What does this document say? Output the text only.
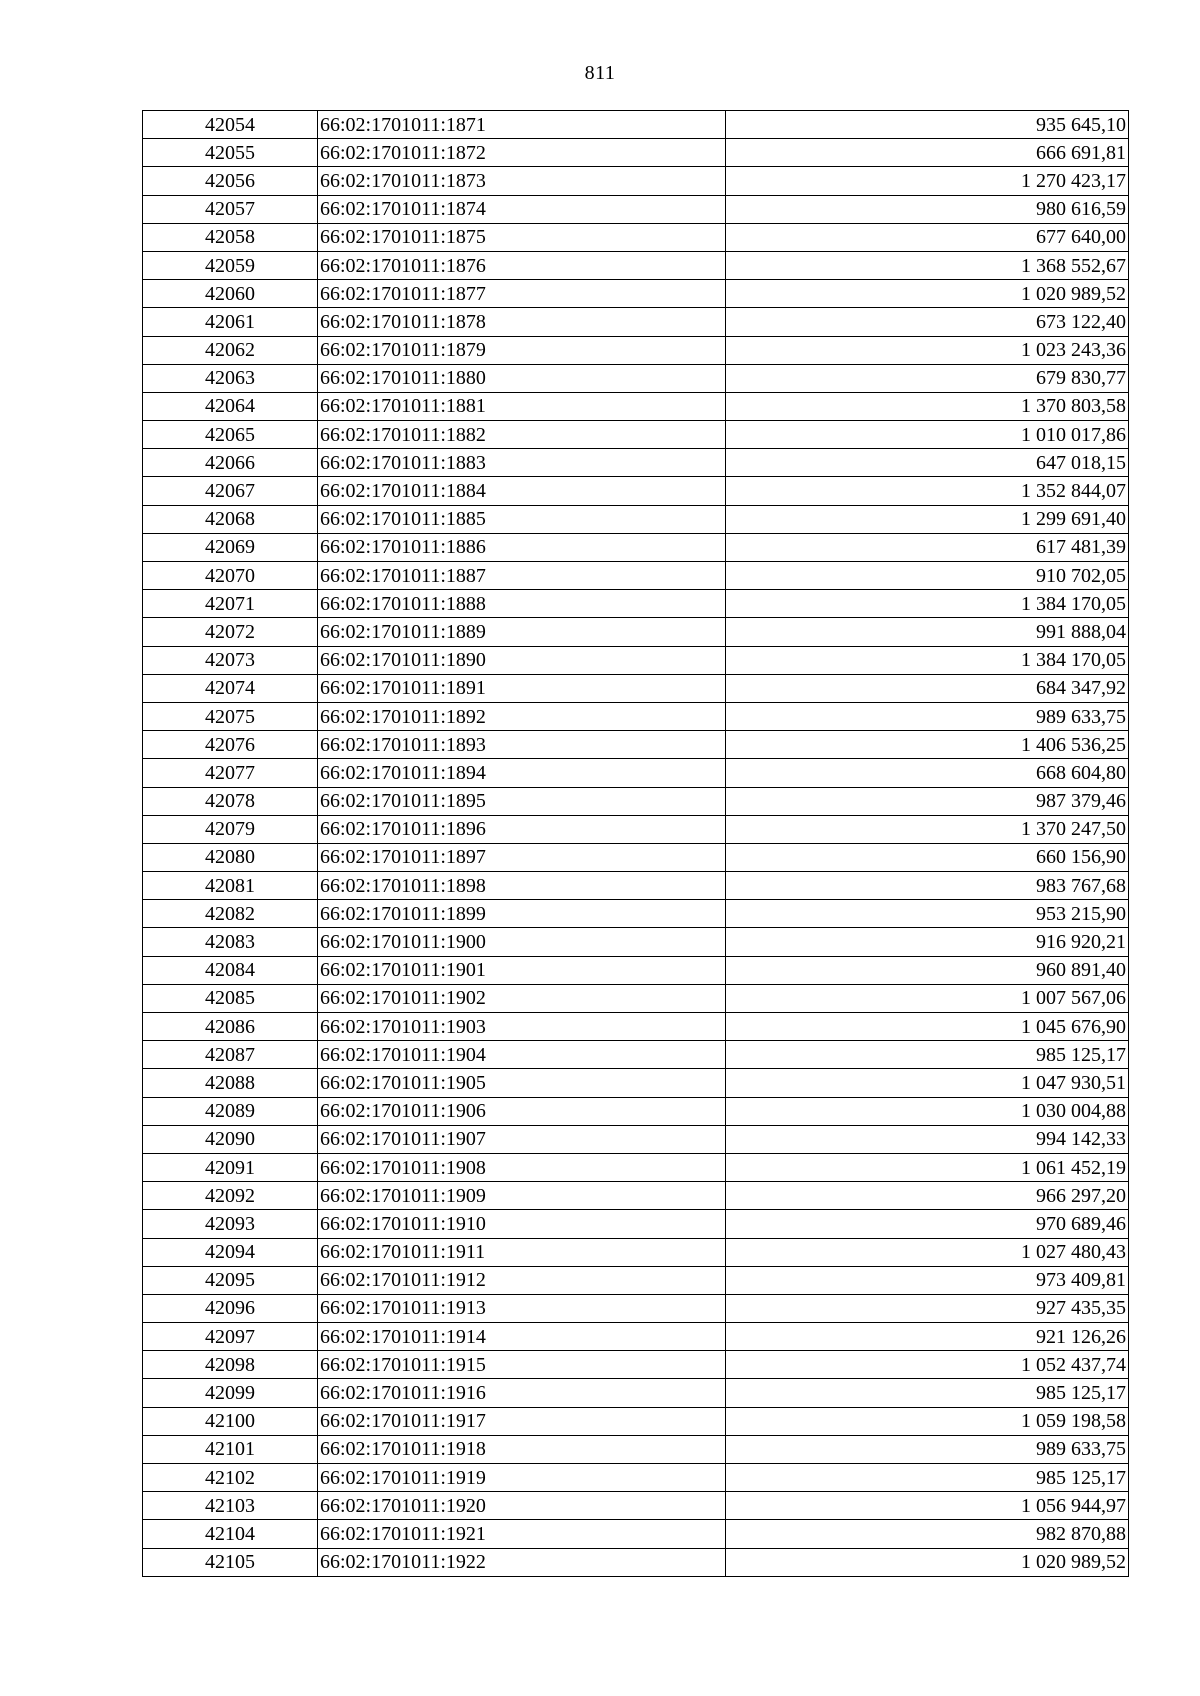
811
42054	66:02:1701011:1871	935 645,10
42055	66:02:1701011:1872	666 691,81
42056	66:02:1701011:1873	1 270 423,17
42057	66:02:1701011:1874	980 616,59
42058	66:02:1701011:1875	677 640,00
42059	66:02:1701011:1876	1 368 552,67
42060	66:02:1701011:1877	1 020 989,52
42061	66:02:1701011:1878	673 122,40
42062	66:02:1701011:1879	1 023 243,36
42063	66:02:1701011:1880	679 830,77
42064	66:02:1701011:1881	1 370 803,58
42065	66:02:1701011:1882	1 010 017,86
42066	66:02:1701011:1883	647 018,15
42067	66:02:1701011:1884	1 352 844,07
42068	66:02:1701011:1885	1 299 691,40
42069	66:02:1701011:1886	617 481,39
42070	66:02:1701011:1887	910 702,05
42071	66:02:1701011:1888	1 384 170,05
42072	66:02:1701011:1889	991 888,04
42073	66:02:1701011:1890	1 384 170,05
42074	66:02:1701011:1891	684 347,92
42075	66:02:1701011:1892	989 633,75
42076	66:02:1701011:1893	1 406 536,25
42077	66:02:1701011:1894	668 604,80
42078	66:02:1701011:1895	987 379,46
42079	66:02:1701011:1896	1 370 247,50
42080	66:02:1701011:1897	660 156,90
42081	66:02:1701011:1898	983 767,68
42082	66:02:1701011:1899	953 215,90
42083	66:02:1701011:1900	916 920,21
42084	66:02:1701011:1901	960 891,40
42085	66:02:1701011:1902	1 007 567,06
42086	66:02:1701011:1903	1 045 676,90
42087	66:02:1701011:1904	985 125,17
42088	66:02:1701011:1905	1 047 930,51
42089	66:02:1701011:1906	1 030 004,88
42090	66:02:1701011:1907	994 142,33
42091	66:02:1701011:1908	1 061 452,19
42092	66:02:1701011:1909	966 297,20
42093	66:02:1701011:1910	970 689,46
42094	66:02:1701011:1911	1 027 480,43
42095	66:02:1701011:1912	973 409,81
42096	66:02:1701011:1913	927 435,35
42097	66:02:1701011:1914	921 126,26
42098	66:02:1701011:1915	1 052 437,74
42099	66:02:1701011:1916	985 125,17
42100	66:02:1701011:1917	1 059 198,58
42101	66:02:1701011:1918	989 633,75
42102	66:02:1701011:1919	985 125,17
42103	66:02:1701011:1920	1 056 944,97
42104	66:02:1701011:1921	982 870,88
42105	66:02:1701011:1922	1 020 989,52
